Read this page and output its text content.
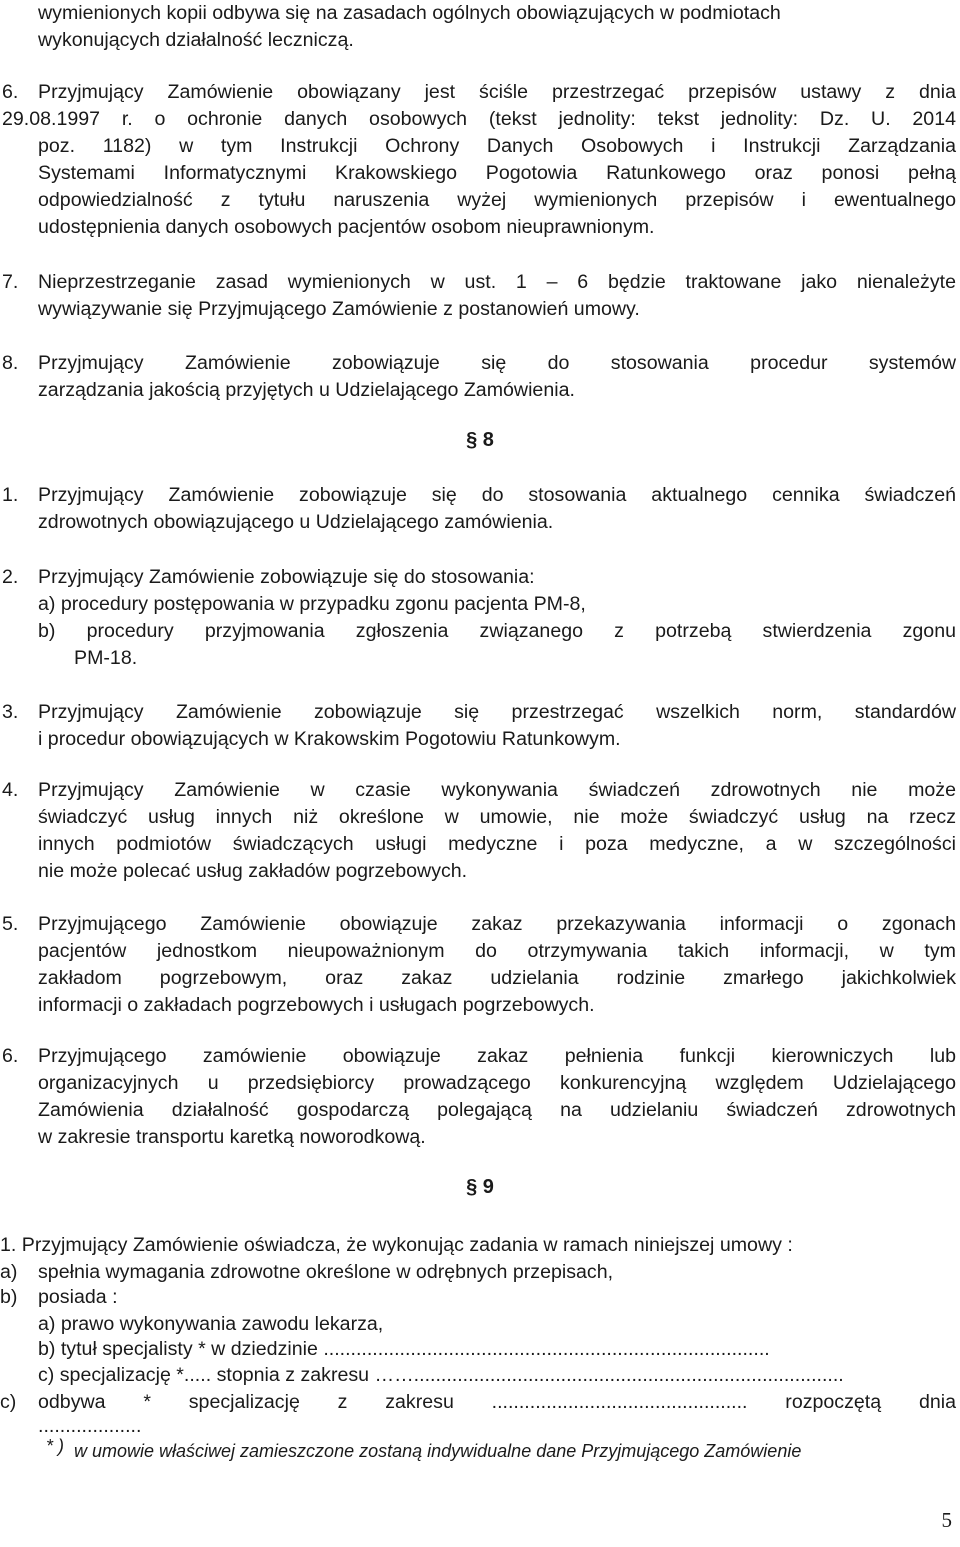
wymienionych kopii odbywa się na zasadach ogólnych obowiązujących w podmiotach
wykonujących działalność leczniczą.
6. Przyjmujący Zamówienie obowiązany jest ściśle przestrzegać przepisów ustawy z dnia
29.08.1997 r. o ochronie danych osobowych (tekst jednolity: tekst jednolity: Dz. U. 2014
poz. 1182) w tym Instrukcji Ochrony Danych Osobowych i Instrukcji Zarządzania
Systemami Informatycznymi Krakowskiego Pogotowia Ratunkowego oraz ponosi pełną
odpowiedzialność z tytułu naruszenia wyżej wymienionych przepisów i ewentualnego
udostępnienia danych osobowych pacjentów osobom nieuprawnionym.
7. Nieprzestrzeganie zasad wymienionych w ust. 1 – 6 będzie traktowane jako nienależyte
wywiązywanie się Przyjmującego Zamówienie z postanowień umowy.
8. Przyjmujący Zamówienie zobowiązuje się do stosowania procedur systemów
zarządzania jakością przyjętych u Udzielającego Zamówienia.
§ 8
1. Przyjmujący Zamówienie zobowiązuje się do stosowania aktualnego cennika świadczeń
zdrowotnych obowiązującego u Udzielającego zamówienia.
2. Przyjmujący Zamówienie zobowiązuje się do stosowania:
a) procedury postępowania w przypadku zgonu pacjenta PM-8,
b) procedury przyjmowania zgłoszenia związanego z potrzebą stwierdzenia zgonu
PM-18.
3. Przyjmujący Zamówienie zobowiązuje się przestrzegać wszelkich norm, standardów
i procedur obowiązujących w Krakowskim Pogotowiu Ratunkowym.
4. Przyjmujący Zamówienie w czasie wykonywania świadczeń zdrowotnych nie może
świadczyć usług innych niż określone w umowie, nie może świadczyć usług na rzecz
innych podmiotów świadczących usługi medyczne i poza medyczne, a w szczególności
nie może polecać usług zakładów pogrzebowych.
5. Przyjmującego Zamówienie obowiązuje zakaz przekazywania informacji o zgonach
pacjentów jednostkom nieupoważnionym do otrzymywania takich informacji, w tym
zakładom pogrzebowym, oraz zakaz udzielania rodzinie zmarłego jakichkolwiek
informacji o zakładach pogrzebowych i usługach pogrzebowych.
6. Przyjmującego zamówienie obowiązuje zakaz pełnienia funkcji kierowniczych lub
organizacyjnych u przedsiębiorcy prowadzącego konkurencyjną względem Udzielającego
Zamówienia działalność gospodarczą polegającą na udzielaniu świadczeń zdrowotnych
w zakresie transportu karetką noworodkową.
§ 9
1. Przyjmujący Zamówienie oświadcza, że wykonując zadania w ramach niniejszej umowy :
a) spełnia wymagania zdrowotne określone w odrębnych przepisach,
b) posiada :
a) prawo wykonywania zawodu lekarza,
b) tytuł specjalisty * w dziedzinie ..................................................................................
c) specjalizację *..... stopnia z zakresu ……...............................................................................
c) odbywa * specjalizację z zakresu ............................................... rozpoczętą dnia
...................
* ) w umowie właściwej zamieszczone zostaną indywidualne dane Przyjmującego Zamówienie
5
